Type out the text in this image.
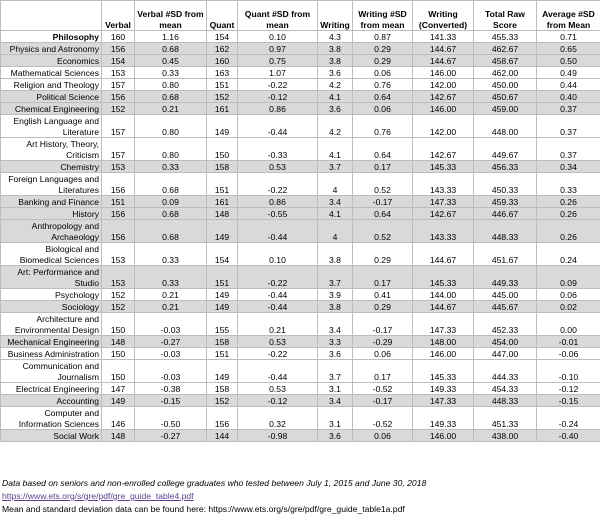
	Verbal	Verbal #SD from mean	Quant	Quant #SD from mean	Writing	Writing #SD from mean	Writing (Converted)	Total Raw Score	Average #SD from Mean
Philosophy	160	1.16	154	0.10	4.3	0.87	141.33	455.33	0.71
Physics and Astronomy	156	0.68	162	0.97	3.8	0.29	144.67	462.67	0.65
Economics	154	0.45	160	0.75	3.8	0.29	144.67	458.67	0.50
Mathematical Sciences	153	0.33	163	1.07	3.6	0.06	146.00	462.00	0.49
Religion and Theology	157	0.80	151	-0.22	4.2	0.76	142.00	450.00	0.44
Political Science	156	0.68	152	-0.12	4.1	0.64	142.67	450.67	0.40
Chemical Engineering	152	0.21	161	0.86	3.6	0.06	146.00	459.00	0.37
English Language and Literature	157	0.80	149	-0.44	4.2	0.76	142.00	448.00	0.37
Art History, Theory, Criticism	157	0.80	150	-0.33	4.1	0.64	142.67	449.67	0.37
Chemistry	153	0.33	158	0.53	3.7	0.17	145.33	456.33	0.34
Foreign Languages and Literatures	156	0.68	151	-0.22	4	0.52	143.33	450.33	0.33
Banking and Finance	151	0.09	161	0.86	3.4	-0.17	147.33	459.33	0.26
History	156	0.68	148	-0.55	4.1	0.64	142.67	446.67	0.26
Anthropology and Archaeology	156	0.68	149	-0.44	4	0.52	143.33	448.33	0.26
Biological and Biomedical Sciences	153	0.33	154	0.10	3.8	0.29	144.67	451.67	0.24
Art: Performance and Studio	153	0.33	151	-0.22	3.7	0.17	145.33	449.33	0.09
Psychology	152	0.21	149	-0.44	3.9	0.41	144.00	445.00	0.06
Sociology	152	0.21	149	-0.44	3.8	0.29	144.67	445.67	0.02
Architecture and Environmental Design	150	-0.03	155	0.21	3.4	-0.17	147.33	452.33	0.00
Mechanical Engineering	148	-0.27	158	0.53	3.3	-0.29	148.00	454.00	-0.01
Business Administration	150	-0.03	151	-0.22	3.6	0.06	146.00	447.00	-0.06
Communication and Journalism	150	-0.03	149	-0.44	3.7	0.17	145.33	444.33	-0.10
Electrical Engineering	147	-0.38	158	0.53	3.1	-0.52	149.33	454.33	-0.12
Accounting	149	-0.15	152	-0.12	3.4	-0.17	147.33	448.33	-0.15
Computer and Information Sciences	146	-0.50	156	0.32	3.1	-0.52	149.33	451.33	-0.24
Social Work	148	-0.27	144	-0.98	3.6	0.06	146.00	438.00	-0.40
Data based on seniors and non-enrolled college graduates who tested between July 1, 2015 and June 30, 2018
https://www.ets.org/s/gre/pdf/gre_guide_table4.pdf
Mean and standard deviation data can be found here: https://www.ets.org/s/gre/pdf/gre_guide_table1a.pdf
